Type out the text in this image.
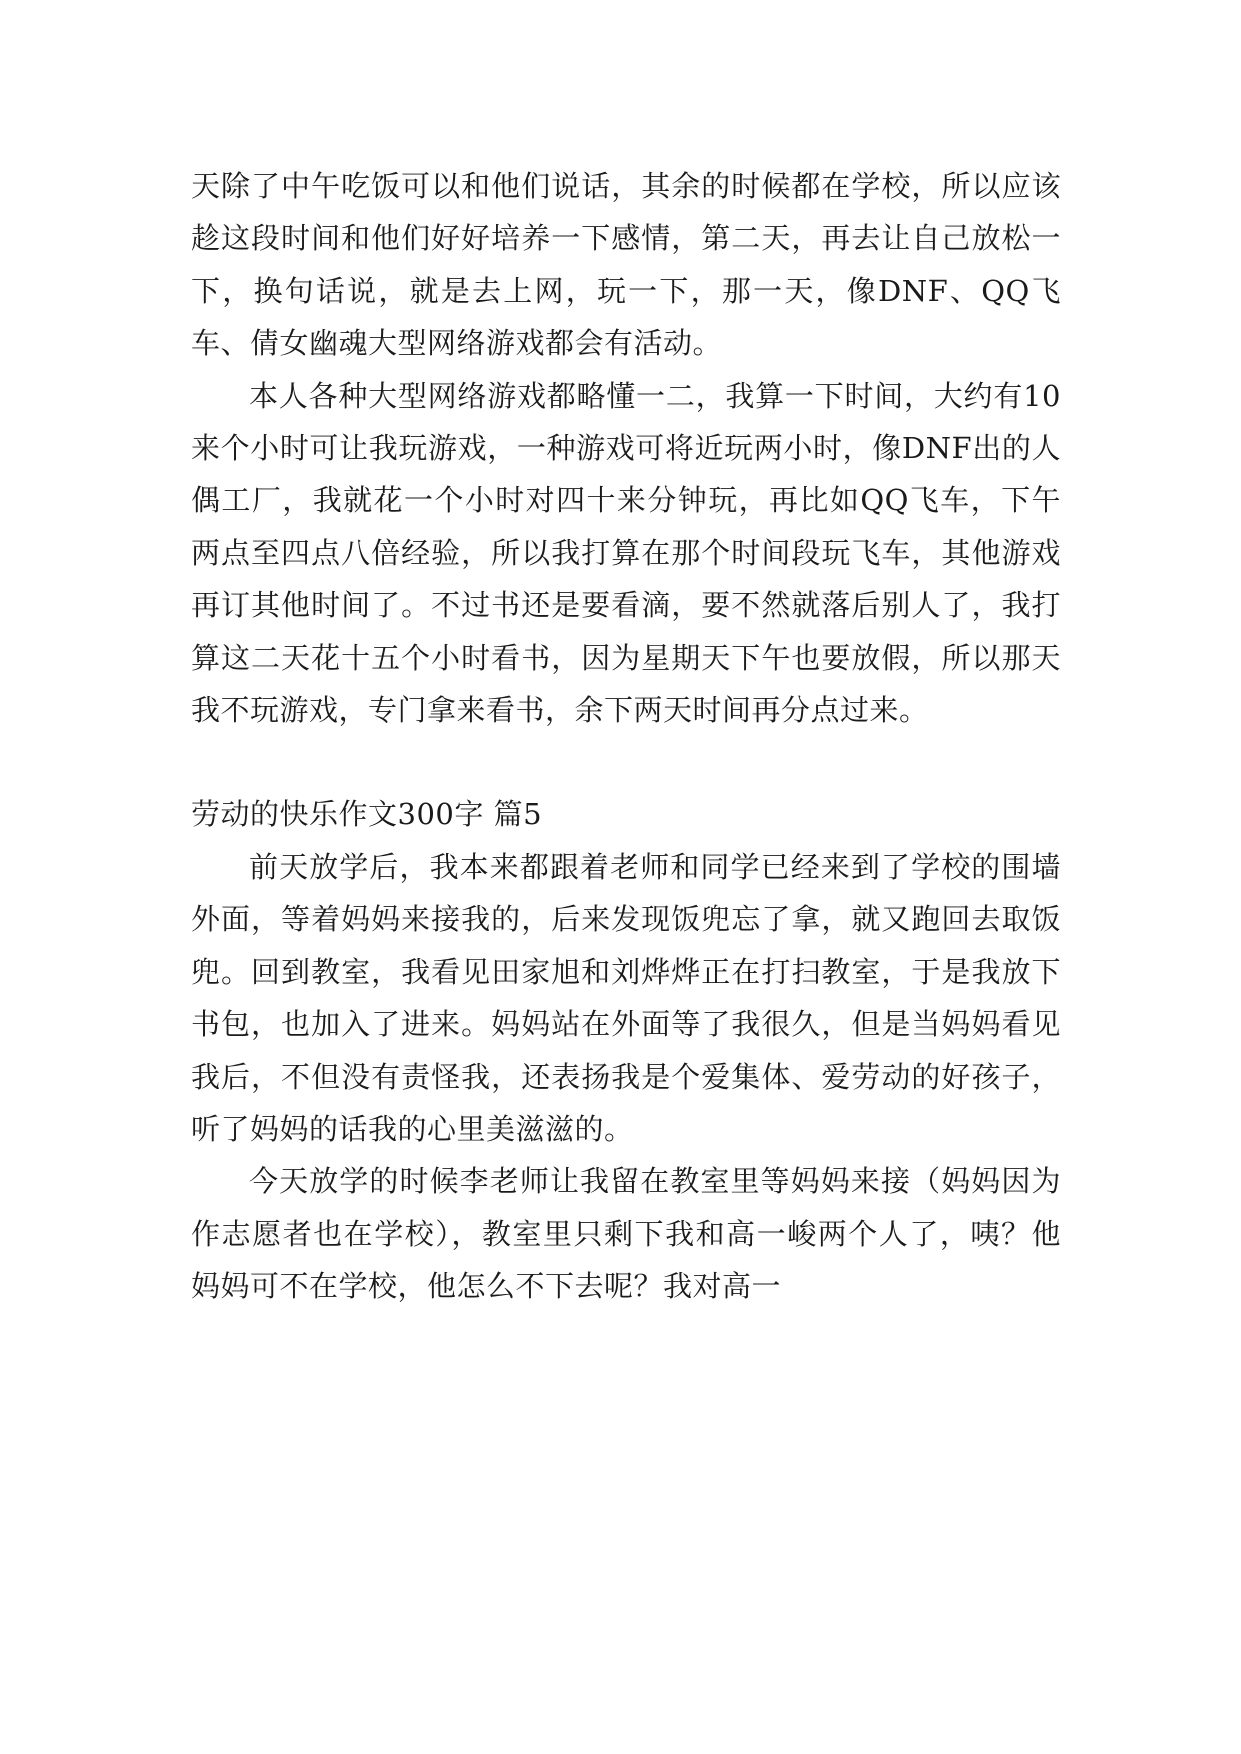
天除了中午吃饭可以和他们说话，其余的时候都在学校，所以应该趁这段时间和他们好好培养一下感情，第二天，再去让自己放松一下，换句话说，就是去上网，玩一下，那一天，像DNF、QQ飞车、倩女幽魂大型网络游戏都会有活动。

本人各种大型网络游戏都略懂一二，我算一下时间，大约有10来个小时可让我玩游戏，一种游戏可将近玩两小时，像DNF出的人偶工厂，我就花一个小时对四十来分钟玩，再比如QQ飞车，下午两点至四点八倍经验，所以我打算在那个时间段玩飞车，其他游戏再订其他时间了。不过书还是要看滴，要不然就落后别人了，我打算这二天花十五个小时看书，因为星期天下午也要放假，所以那天我不玩游戏，专门拿来看书，余下两天时间再分点过来。

劳动的快乐作文300字 篇5

前天放学后，我本来都跟着老师和同学已经来到了学校的围墙外面，等着妈妈来接我的，后来发现饭兜忘了拿，就又跑回去取饭兜。回到教室，我看见田家旭和刘烨烨正在打扫教室，于是我放下书包，也加入了进来。妈妈站在外面等了我很久，但是当妈妈看见我后，不但没有责怪我，还表扬我是个爱集体、爱劳动的好孩子，听了妈妈的话我的心里美滋滋的。

今天放学的时候李老师让我留在教室里等妈妈来接（妈妈因为作志愿者也在学校），教室里只剩下我和高一峻两个人了，咦？他妈妈可不在学校，他怎么不下去呢？我对高一
